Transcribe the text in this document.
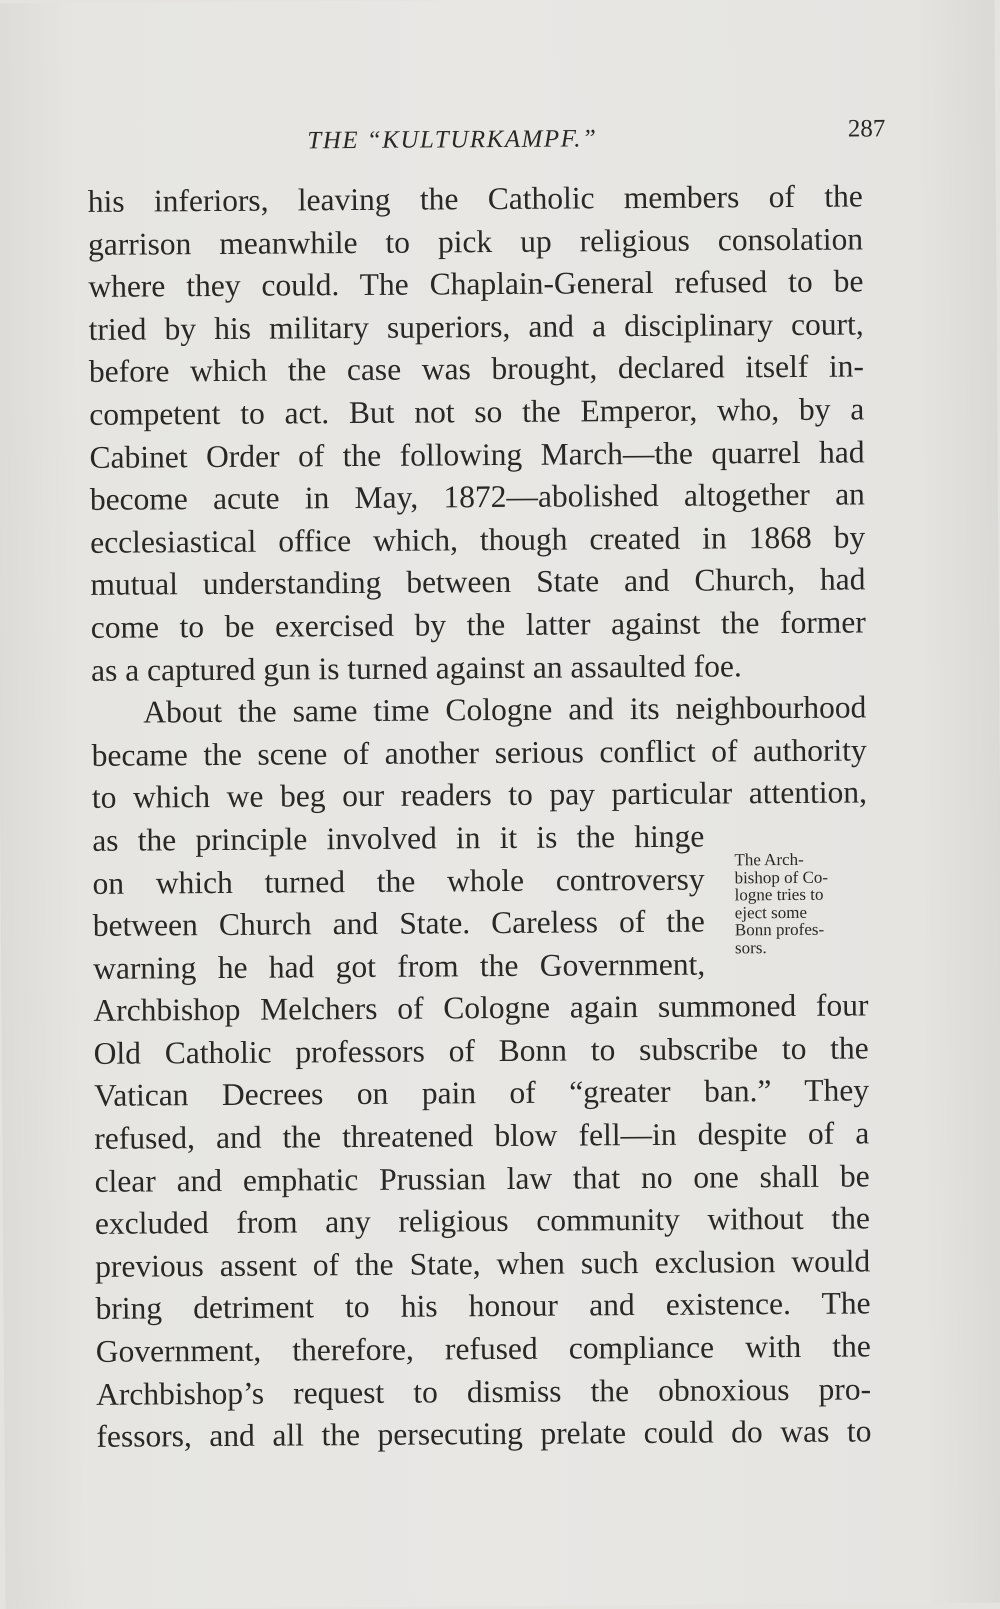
THE “KULTURKAMPF.”	287
his inferiors, leaving the Catholic members of the
garrison meanwhile to pick up religious consolation
where they could. The Chaplain-General refused to be
tried by his military superiors, and a disciplinary court,
before which the case was brought, declared itself in-
competent to act. But not so the Emperor, who, by a
Cabinet Order of the following March—the quarrel had
become acute in May, 1872—abolished altogether an
ecclesiastical office which, though created in 1868 by
mutual understanding between State and Church, had
come to be exercised by the latter against the former
as a captured gun is turned against an assaulted foe.
About the same time Cologne and its neighbourhood
became the scene of another serious conflict of authority
to which we beg our readers to pay particular attention,
as the principle involved in it is the hinge
on which turned the whole controversy
between Church and State. Careless of the
warning he had got from the Government,
Archbishop Melchers of Cologne again summoned four
Old Catholic professors of Bonn to subscribe to the
Vatican Decrees on pain of “greater ban.” They
refused, and the threatened blow fell—in despite of a
clear and emphatic Prussian law that no one shall be
excluded from any religious community without the
previous assent of the State, when such exclusion would
bring detriment to his honour and existence. The
Government, therefore, refused compliance with the
Archbishop’s request to dismiss the obnoxious pro-
fessors, and all the persecuting prelate could do was to
The Arch-
bishop of Co-
logne tries to
eject some
Bonn profes-
sors.
